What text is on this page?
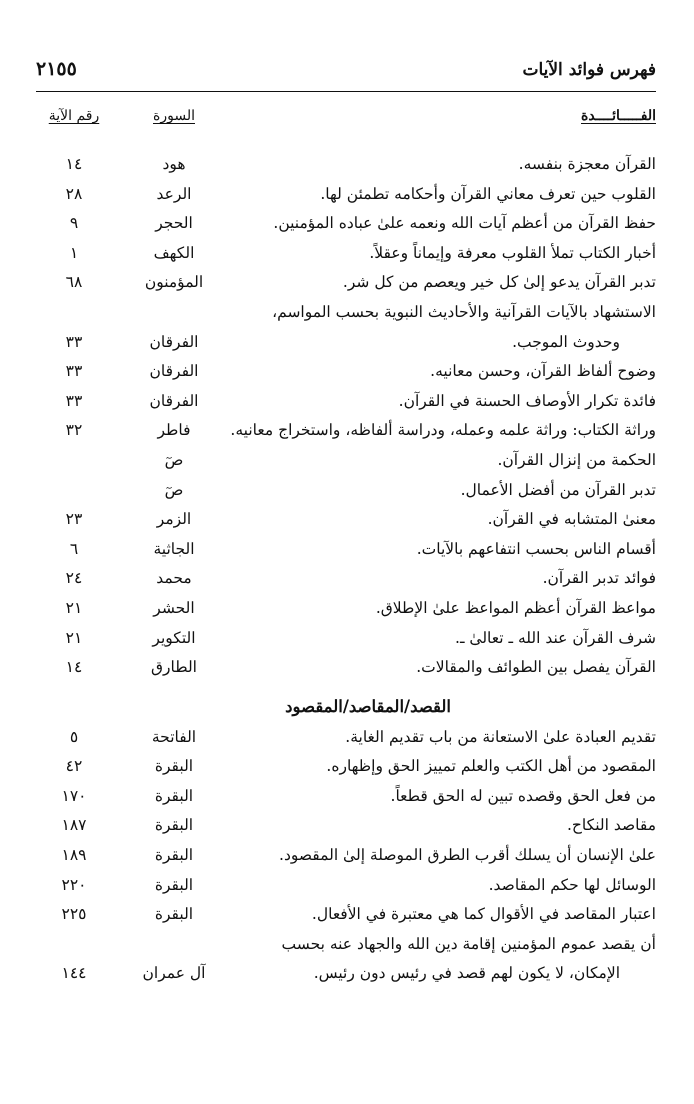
٢١٥٥	فهرس فوائد الآيات
الفـــــائــــدة
السورة
رقم الآية
القرآن معجزة بنفسه.
هود
١٤
القلوب حين تعرف معاني القرآن وأحكامه تطمئن لها.
الرعد
٢٨
حفظ القرآن من أعظم آيات الله ونعمه علىٰ عباده المؤمنين.
الحجر
٩
أخبار الكتاب تملأ القلوب معرفة وإيماناً وعقلاً.
الكهف
١
تدبر القرآن يدعو إلىٰ كل خير ويعصم من كل شر.
المؤمنون
٦٨
الاستشهاد بالآيات القرآنية والأحاديث النبوية بحسب المواسم،
وحدوث الموجب.
الفرقان
٣٣
وضوح ألفاظ القرآن، وحسن معانيه.
الفرقان
٣٣
فائدة تكرار الأوصاف الحسنة في القرآن.
الفرقان
٣٣
وراثة الكتاب: وراثة علمه وعمله، ودراسة ألفاظه، واستخراج معانيه.
فاطر
٣٢
الحكمة من إنزال القرآن.
صٓ
تدبر القرآن من أفضل الأعمال.
صٓ
معنىٰ المتشابه في القرآن.
الزمر
٢٣
أقسام الناس بحسب انتفاعهم بالآيات.
الجاثية
٦
فوائد تدبر القرآن.
محمد
٢٤
مواعظ القرآن أعظم المواعظ علىٰ الإطلاق.
الحشر
٢١
شرف القرآن عند الله ـ تعالىٰ ـ.
التكوير
٢١
القرآن يفصل بين الطوائف والمقالات.
الطارق
١٤
القصد/المقاصد/المقصود
تقديم العبادة علىٰ الاستعانة من باب تقديم الغاية.
الفاتحة
٥
المقصود من أهل الكتب والعلم تمييز الحق وإظهاره.
البقرة
٤٢
من فعل الحق وقصده تبين له الحق قطعاً.
البقرة
١٧٠
مقاصد النكاح.
البقرة
١٨٧
علىٰ الإنسان أن يسلك أقرب الطرق الموصلة إلىٰ المقصود.
البقرة
١٨٩
الوسائل لها حكم المقاصد.
البقرة
٢٢٠
اعتبار المقاصد في الأقوال كما هي معتبرة في الأفعال.
البقرة
٢٢٥
أن يقصد عموم المؤمنين إقامة دين الله والجهاد عنه بحسب
الإمكان، لا يكون لهم قصد في رئيس دون رئيس.
آل عمران
١٤٤
